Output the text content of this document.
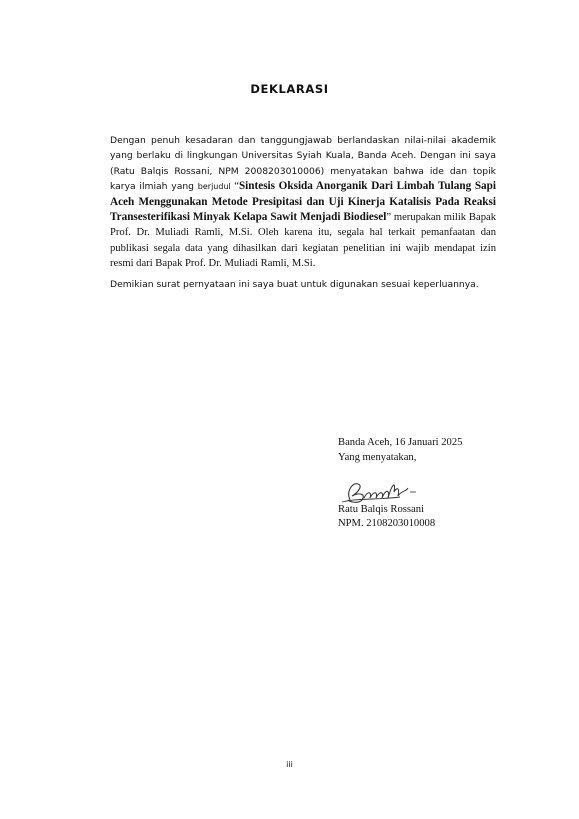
DEKLARASI
Dengan penuh kesadaran dan tanggungjawab berlandaskan nilai-nilai akademik yang berlaku di lingkungan Universitas Syiah Kuala, Banda Aceh. Dengan ini saya (Ratu Balqis Rossani, NPM 2008203010006) menyatakan bahwa ide dan topik karya ilmiah yang berjudul “Sintesis Oksida Anorganik Dari Limbah Tulang Sapi Aceh Menggunakan Metode Presipitasi dan Uji Kinerja Katalisis Pada Reaksi Transesterifikasi Minyak Kelapa Sawit Menjadi Biodiesel” merupakan milik Bapak Prof. Dr. Muliadi Ramli, M.Si. Oleh karena itu, segala hal terkait pemanfaatan dan publikasi segala data yang dihasilkan dari kegiatan penelitian ini wajib mendapat izin resmi dari Bapak Prof. Dr. Muliadi Ramli, M.Si.
Demikian surat pernyataan ini saya buat untuk digunakan sesuai keperluannya.
Banda Aceh, 16 Januari 2025
Yang menyatakan,
Ratu Balqis Rossani
NPM. 2108203010008
iii
